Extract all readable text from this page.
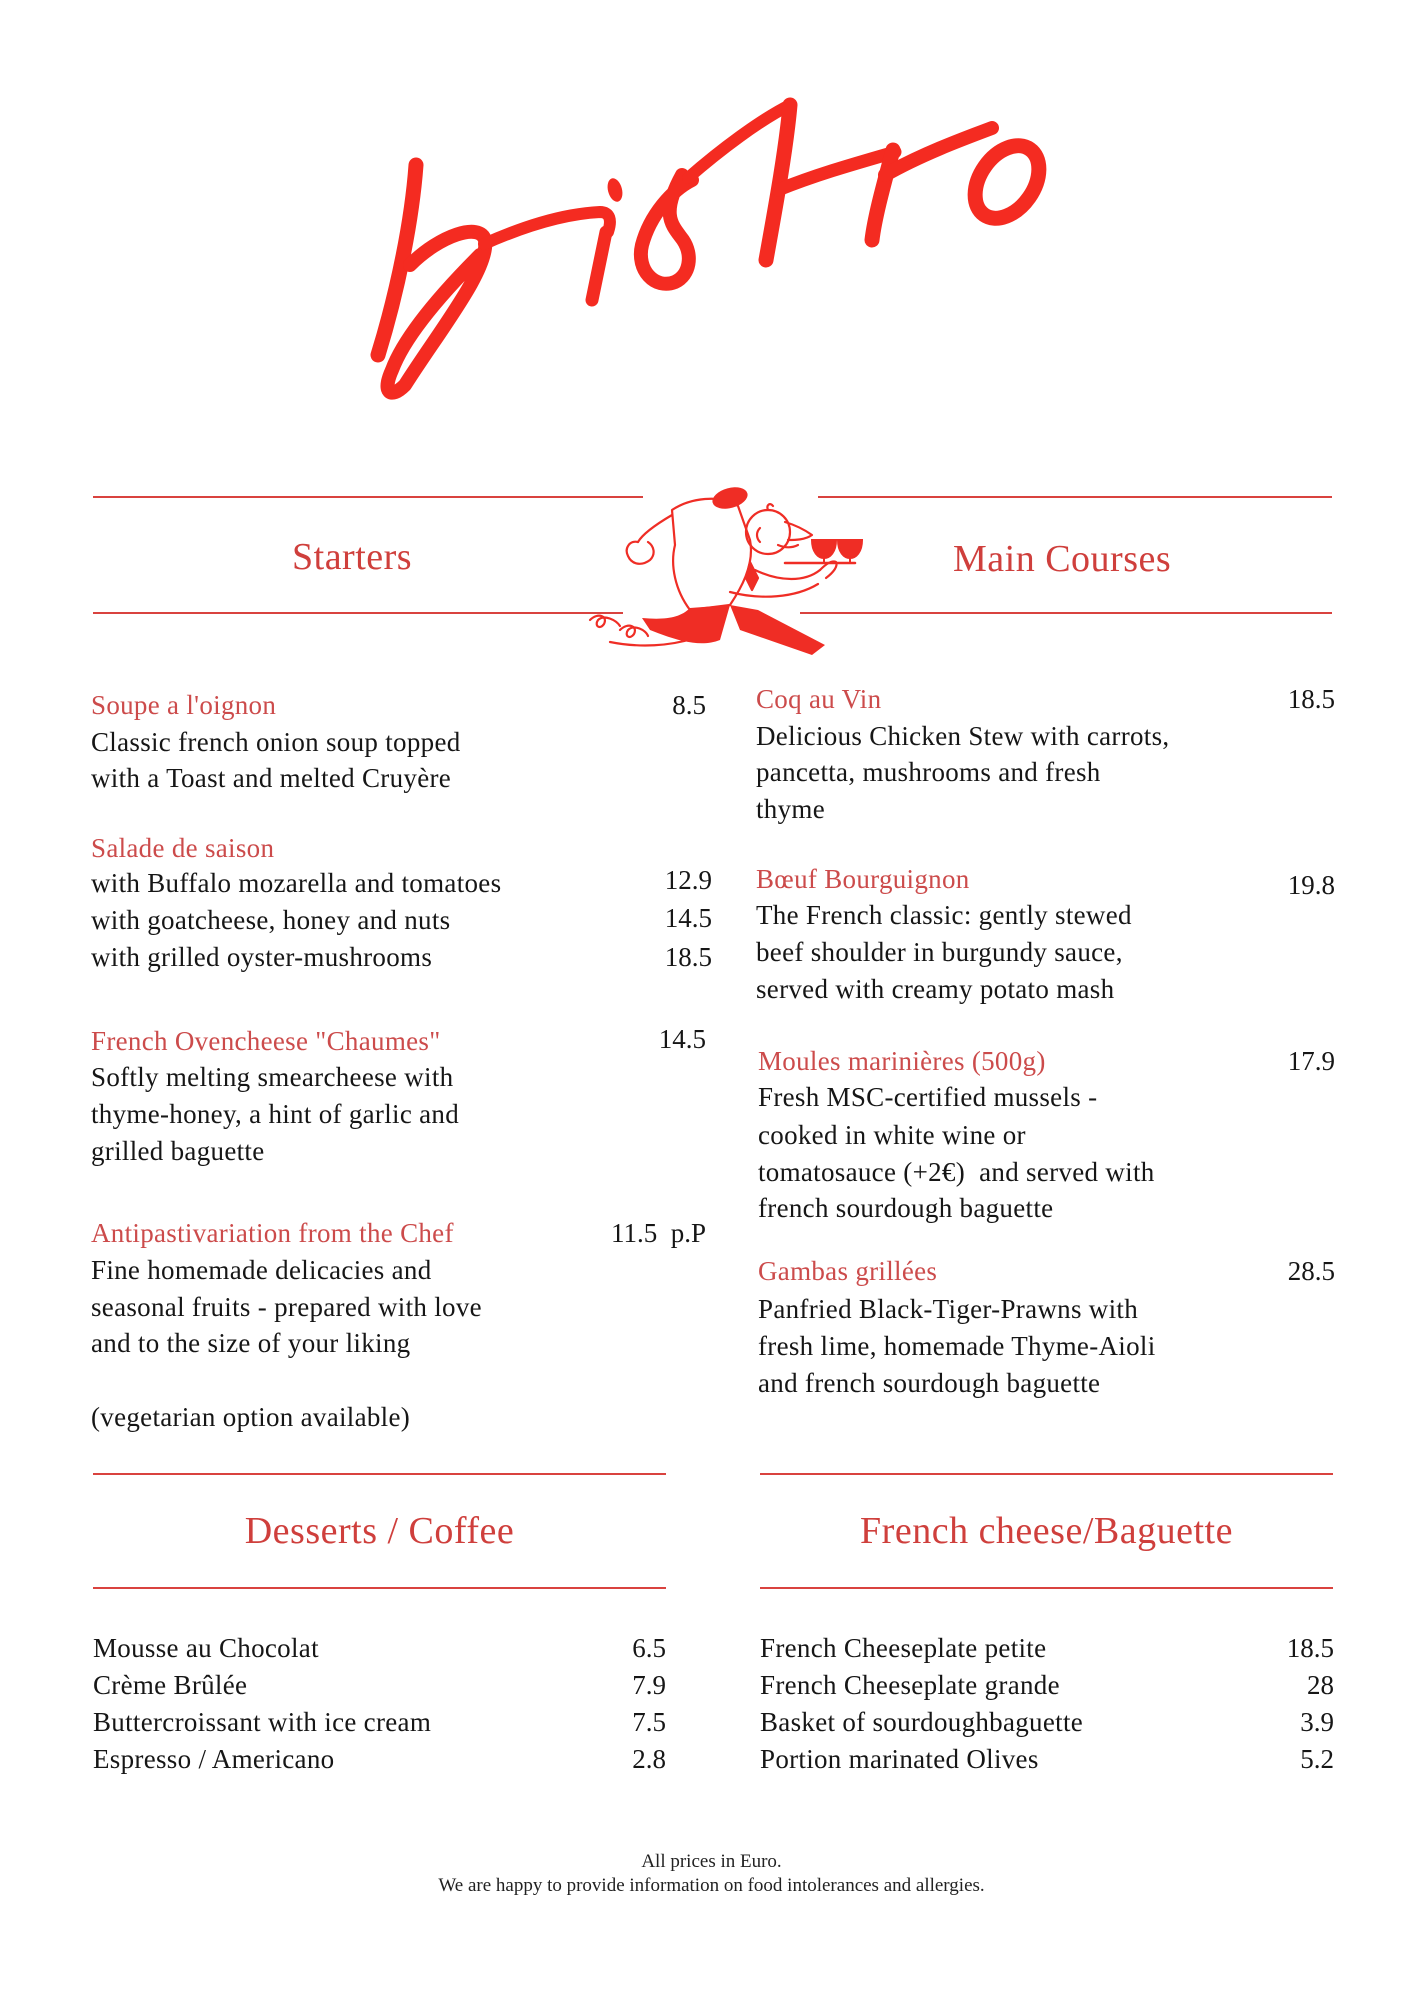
Starters	Main Courses
Soupe a l'oignon	8.5
Classic french onion soup topped
with a Toast and melted Cruyère
Salade de saison
with Buffalo mozarella and tomatoes	12.9
with goatcheese, honey and nuts	14.5
with grilled oyster-mushrooms	18.5
French Ovencheese "Chaumes"	14.5
Softly melting smearcheese with
thyme-honey, a hint of garlic and
grilled baguette
Antipastivariation from the Chef	11.5  p.P
Fine homemade delicacies and
seasonal fruits - prepared with love
and to the size of your liking
(vegetarian option available)
Coq au Vin	18.5
Delicious Chicken Stew with carrots,
pancetta, mushrooms and fresh
thyme
Bœuf Bourguignon	19.8
The French classic: gently stewed
beef shoulder in burgundy sauce,
served with creamy potato mash
Moules marinières (500g)	17.9
Fresh MSC-certified mussels -
cooked in white wine or
tomatosauce (+2€)  and served with
french sourdough baguette
Gambas grillées	28.5
Panfried Black-Tiger-Prawns with
fresh lime, homemade Thyme-Aioli
and french sourdough baguette
Desserts / Coffee
Mousse au Chocolat	6.5
Crème Brûlée	7.9
Buttercroissant with ice cream	7.5
Espresso / Americano	2.8
French cheese/Baguette
French Cheeseplate petite	18.5
French Cheeseplate grande	28
Basket of sourdoughbaguette	3.9
Portion marinated Olives	5.2
All prices in Euro.
We are happy to provide information on food intolerances and allergies.
